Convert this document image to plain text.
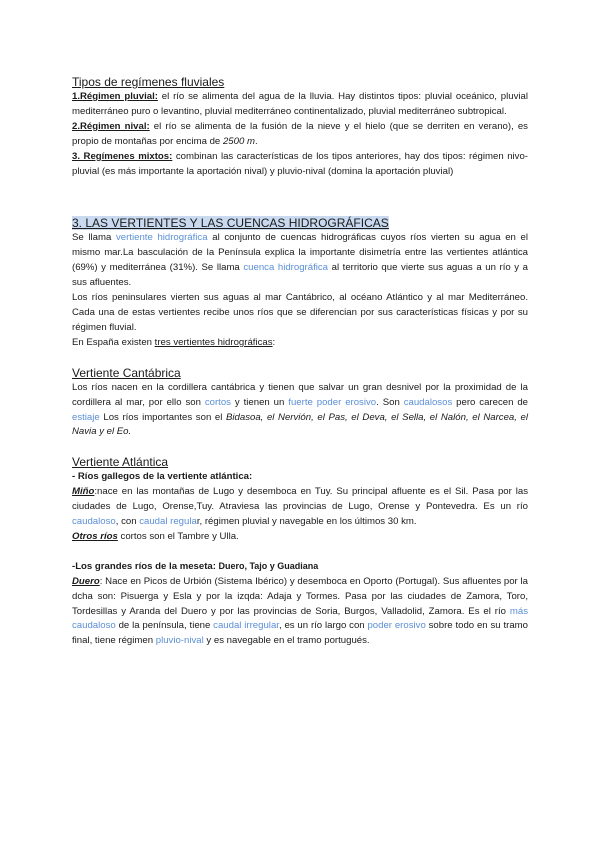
Tipos de regímenes fluviales

1.Régimen pluvial: el río se alimenta del agua de la lluvia. Hay distintos tipos: pluvial oceánico, pluvial mediterráneo puro o levantino, pluvial mediterráneo continentalizado, pluvial mediterráneo subtropical.

2.Régimen nival: el río se alimenta de la fusión de la nieve y el hielo (que se derriten en verano), es propio de montañas por encima de 2500 m.

3. Regímenes mixtos: combinan las características de los tipos anteriores, hay dos tipos: régimen nivo-pluvial (es más importante la aportación nival) y pluvio-nival (domina la aportación pluvial)

3. LAS VERTIENTES Y LAS CUENCAS HIDROGRÁFICAS

Se llama vertiente hidrográfica al conjunto de cuencas hidrográficas cuyos ríos vierten su agua en el mismo mar.La basculación de la Península explica la importante disimetría entre las vertientes atlántica (69%) y mediterránea (31%). Se llama cuenca hidrográfica al territorio que vierte sus aguas a un río y a sus afluentes.

Los ríos peninsulares vierten sus aguas al mar Cantábrico, al océano Atlántico y al mar Mediterráneo. Cada una de estas vertientes recibe unos ríos que se diferencian por sus características físicas y por su régimen fluvial.

En España existen tres vertientes hidrográficas:

Vertiente Cantábrica

Los ríos nacen en la cordillera cantábrica y tienen que salvar un gran desnivel por la proximidad de la cordillera al mar, por ello son cortos y tienen un fuerte poder erosivo. Son caudalosos pero carecen de estiaje Los ríos importantes son el Bidasoa, el Nervión, el Pas, el Deva, el Sella, el Nalón, el Narcea, el Navia y el Eo.

Vertiente Atlántica

- Ríos gallegos de la vertiente atlántica:

Miño:nace en las montañas de Lugo y desemboca en Tuy. Su principal afluente es el Sil. Pasa por las ciudades de Lugo, Orense,Tuy. Atraviesa las provincias de Lugo, Orense y Pontevedra. Es un río caudaloso, con caudal regular, régimen pluvial y navegable en los últimos 30 km.

Otros ríos cortos son el Tambre y Ulla.

-Los grandes ríos de la meseta: Duero, Tajo y Guadiana

Duero: Nace en Picos de Urbión (Sistema Ibérico) y desemboca en Oporto (Portugal). Sus afluentes por la dcha son: Pisuerga y Esla y por la izqda: Adaja y Tormes. Pasa por las ciudades de Zamora, Toro, Tordesillas y Aranda del Duero y por las provincias de Soria, Burgos, Valladolid, Zamora. Es el río más caudaloso de la península, tiene caudal irregular, es un río largo con poder erosivo sobre todo en su tramo final, tiene régimen pluvio-nival y es navegable en el tramo portugués.
